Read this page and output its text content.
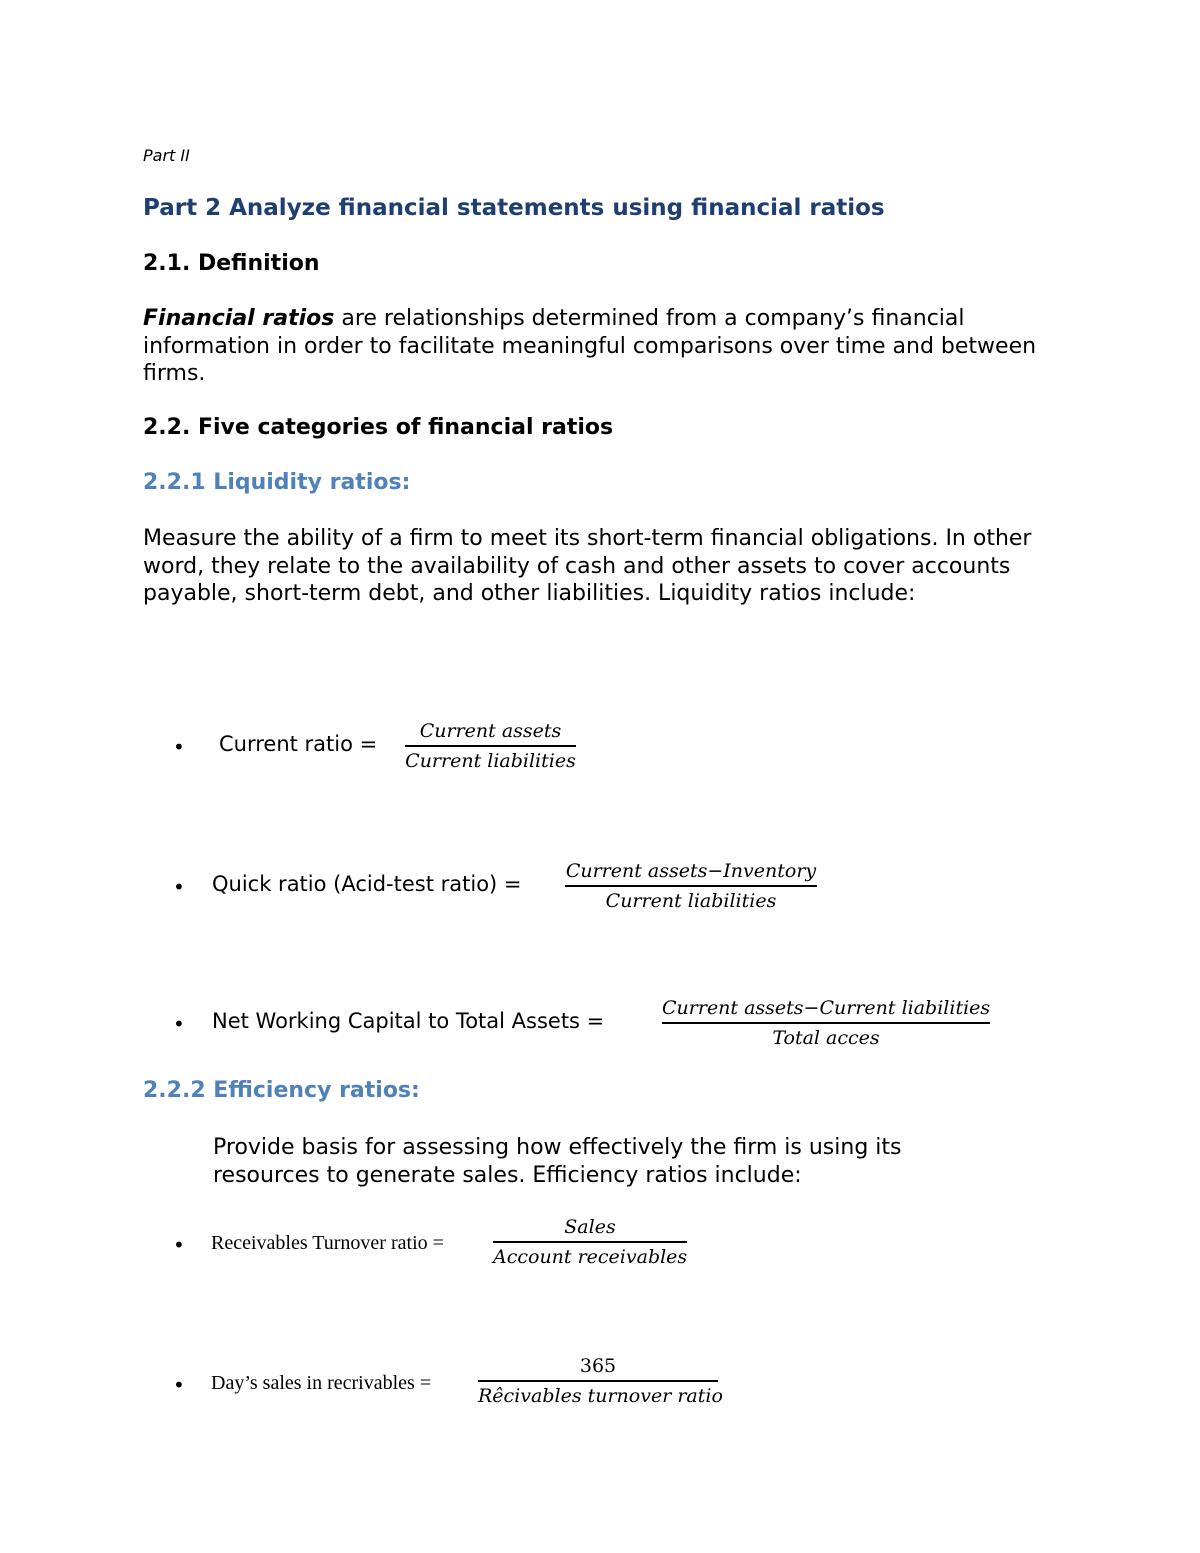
Part II

Part 2 Analyze financial statements using financial ratios
2.1. Definition

Financial ratios are relationships determined from a company’s financial information in order to facilitate meaningful comparisons over time and between firms.

2.2. Five categories of financial ratios
2.2.1 Liquidity ratios:

Measure the ability of a firm to meet its short-term financial obligations. In other word, they relate to the availability of cash and other assets to cover accounts payable, short-term debt, and other liabilities. Liquidity ratios include:

• Current ratio =
Current assets
Current liabilities
• Quick ratio (Acid-test ratio) =
Current assets−Inventory
Current liabilities
• Net Working Capital to Total Assets =
Current assets−Current liabilities
Total acces
2.2.2 Efficiency ratios:

Provide basis for assessing how effectively the firm is using its resources to generate sales. Efficiency ratios include:

• Receivables Turnover ratio =
Sales
Account receivables
• Day’s sales in recrivables =
365
Rêcivables turnover ratio
